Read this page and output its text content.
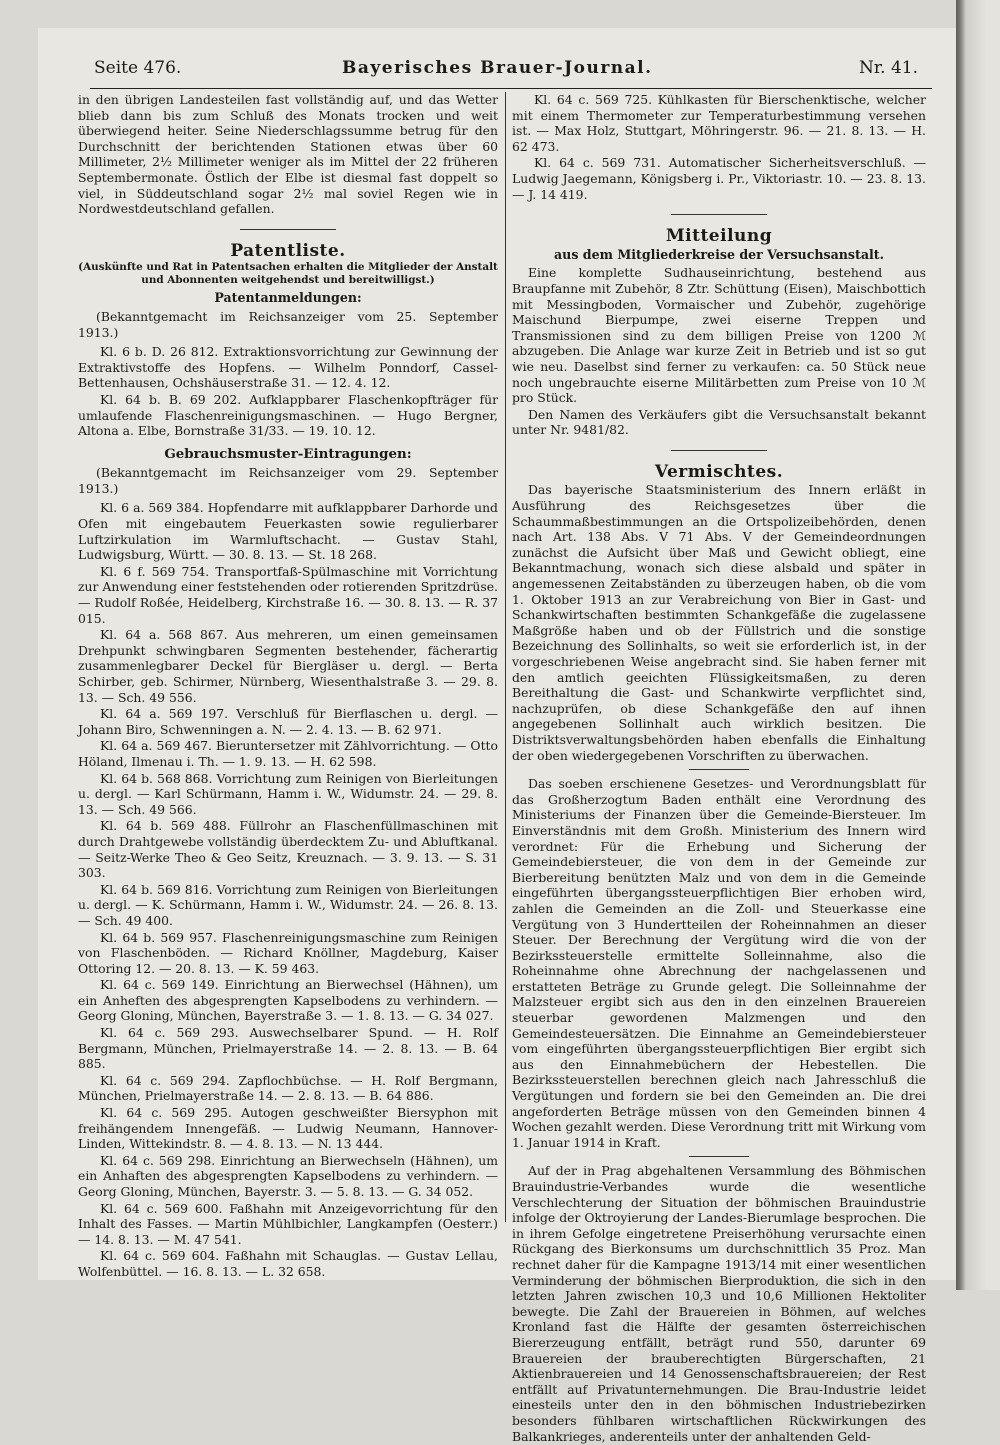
Seite 476.	Bayerisches Brauer-Journal.	Nr. 41.

in den übrigen Landesteilen fast vollständig auf, und das Wetter blieb dann bis zum Schluß des Monats trocken und weit überwiegend heiter. Seine Niederschlagssumme betrug für den Durchschnitt der berichtenden Stationen etwas über 60 Millimeter, 2½ Millimeter weniger als im Mittel der 22 früheren Septembermonate. Östlich der Elbe ist diesmal fast doppelt so viel, in Süddeutschland sogar 2½ mal soviel Regen wie in Nordwestdeutschland gefallen.

Patentliste.
(Auskünfte und Rat in Patentsachen erhalten die Mitglieder der Anstalt und Abonnenten weitgehendst und bereitwilligst.)
Patentanmeldungen:

(Bekanntgemacht im Reichsanzeiger vom 25. September 1913.)

Kl. 6 b. D. 26 812. Extraktionsvorrichtung zur Gewinnung der Extraktivstoffe des Hopfens. — Wilhelm Ponndorf, Cassel-Bettenhausen, Ochshäuserstraße 31. — 12. 4. 12.

Kl. 64 b. B. 69 202. Aufklappbarer Flaschenkopfträger für umlaufende Flaschenreinigungsmaschinen. — Hugo Bergner, Altona a. Elbe, Bornstraße 31/33. — 19. 10. 12.

Gebrauchsmuster-Eintragungen:

(Bekanntgemacht im Reichsanzeiger vom 29. September 1913.)

Kl. 6 a. 569 384. Hopfendarre mit aufklappbarer Darhorde und Ofen mit eingebautem Feuerkasten sowie regulierbarer Luftzirkulation im Warmluftschacht. — Gustav Stahl, Ludwigsburg, Württ. — 30. 8. 13. — St. 18 268.

Kl. 6 f. 569 754. Transportfaß-Spülmaschine mit Vorrichtung zur Anwendung einer feststehenden oder rotierenden Spritzdrüse. — Rudolf Roßée, Heidelberg, Kirchstraße 16. — 30. 8. 13. — R. 37 015.

Kl. 64 a. 568 867. Aus mehreren, um einen gemeinsamen Drehpunkt schwingbaren Segmenten bestehender, fächerartig zusammenlegbarer Deckel für Biergläser u. dergl. — Berta Schirber, geb. Schirmer, Nürnberg, Wiesenthalstraße 3. — 29. 8. 13. — Sch. 49 556.

Kl. 64 a. 569 197. Verschluß für Bierflaschen u. dergl. — Johann Biro, Schwenningen a. N. — 2. 4. 13. — B. 62 971.

Kl. 64 a. 569 467. Bieruntersetzer mit Zählvorrichtung. — Otto Höland, Ilmenau i. Th. — 1. 9. 13. — H. 62 598.

Kl. 64 b. 568 868. Vorrichtung zum Reinigen von Bierleitungen u. dergl. — Karl Schürmann, Hamm i. W., Widumstr. 24. — 29. 8. 13. — Sch. 49 566.

Kl. 64 b. 569 488. Füllrohr an Flaschenfüllmaschinen mit durch Drahtgewebe vollständig überdecktem Zu- und Abluftkanal. — Seitz-Werke Theo & Geo Seitz, Kreuznach. — 3. 9. 13. — S. 31 303.

Kl. 64 b. 569 816. Vorrichtung zum Reinigen von Bierleitungen u. dergl. — K. Schürmann, Hamm i. W., Widumstr. 24. — 26. 8. 13. — Sch. 49 400.

Kl. 64 b. 569 957. Flaschenreinigungsmaschine zum Reinigen von Flaschenböden. — Richard Knöllner, Magdeburg, Kaiser Ottoring 12. — 20. 8. 13. — K. 59 463.

Kl. 64 c. 569 149. Einrichtung an Bierwechsel (Hähnen), um ein Anheften des abgesprengten Kapselbodens zu verhindern. — Georg Gloning, München, Bayerstraße 3. — 1. 8. 13. — G. 34 027.

Kl. 64 c. 569 293. Auswechselbarer Spund. — H. Rolf Bergmann, München, Prielmayerstraße 14. — 2. 8. 13. — B. 64 885.

Kl. 64 c. 569 294. Zapflochbüchse. — H. Rolf Bergmann, München, Prielmayerstraße 14. — 2. 8. 13. — B. 64 886.

Kl. 64 c. 569 295. Autogen geschweißter Biersyphon mit freihängendem Innengefäß. — Ludwig Neumann, Hannover-Linden, Wittekindstr. 8. — 4. 8. 13. — N. 13 444.

Kl. 64 c. 569 298. Einrichtung an Bierwechseln (Hähnen), um ein Anhaften des abgesprengten Kapselbodens zu verhindern. — Georg Gloning, München, Bayerstr. 3. — 5. 8. 13. — G. 34 052.

Kl. 64 c. 569 600. Faßhahn mit Anzeigevorrichtung für den Inhalt des Fasses. — Martin Mühlbichler, Langkampfen (Oesterr.) — 14. 8. 13. — M. 47 541.

Kl. 64 c. 569 604. Faßhahn mit Schauglas. — Gustav Lellau, Wolfenbüttel. — 16. 8. 13. — L. 32 658.

Kl. 64 c. 569 725. Kühlkasten für Bierschenktische, welcher mit einem Thermometer zur Temperaturbestimmung versehen ist. — Max Holz, Stuttgart, Möhringerstr. 96. — 21. 8. 13. — H. 62 473.

Kl. 64 c. 569 731. Automatischer Sicherheitsverschluß. — Ludwig Jaegemann, Königsberg i. Pr., Viktoriastr. 10. — 23. 8. 13. — J. 14 419.

Mitteilung
aus dem Mitgliederkreise der Versuchsanstalt.

Eine komplette Sudhauseinrichtung, bestehend aus Braupfanne mit Zubehör, 8 Ztr. Schüttung (Eisen), Maischbottich mit Messingboden, Vormaischer und Zubehör, zugehörige Maischund Bierpumpe, zwei eiserne Treppen und Transmissionen sind zu dem billigen Preise von 1200 ℳ abzugeben. Die Anlage war kurze Zeit in Betrieb und ist so gut wie neu. Daselbst sind ferner zu verkaufen: ca. 50 Stück neue noch ungebrauchte eiserne Militärbetten zum Preise von 10 ℳ pro Stück.

Den Namen des Verkäufers gibt die Versuchsanstalt bekannt unter Nr. 9481/82.

Vermischtes.

Das bayerische Staatsministerium des Innern erläßt in Ausführung des Reichsgesetzes über die Schaummaßbestimmungen an die Ortspolizeibehörden, denen nach Art. 138 Abs. V 71 Abs. V der Gemeindeordnungen zunächst die Aufsicht über Maß und Gewicht obliegt, eine Bekanntmachung, wonach sich diese alsbald und später in angemessenen Zeitabständen zu überzeugen haben, ob die vom 1. Oktober 1913 an zur Verabreichung von Bier in Gast- und Schankwirtschaften bestimmten Schankgefäße die zugelassene Maßgröße haben und ob der Füllstrich und die sonstige Bezeichnung des Sollinhalts, so weit sie erforderlich ist, in der vorgeschriebenen Weise angebracht sind. Sie haben ferner mit den amtlich geeichten Flüssigkeitsmaßen, zu deren Bereithaltung die Gast- und Schankwirte verpflichtet sind, nachzuprüfen, ob diese Schankgefäße den auf ihnen angegebenen Sollinhalt auch wirklich besitzen. Die Distriktsverwaltungsbehörden haben ebenfalls die Einhaltung der oben wiedergegebenen Vorschriften zu überwachen.

Das soeben erschienene Gesetzes- und Verordnungsblatt für das Großherzogtum Baden enthält eine Verordnung des Ministeriums der Finanzen über die Gemeinde-Biersteuer. Im Einverständnis mit dem Großh. Ministerium des Innern wird verordnet: Für die Erhebung und Sicherung der Gemeindebiersteuer, die von dem in der Gemeinde zur Bierbereitung benützten Malz und von dem in die Gemeinde eingeführten übergangssteuerpflichtigen Bier erhoben wird, zahlen die Gemeinden an die Zoll- und Steuerkasse eine Vergütung von 3 Hundertteilen der Roheinnahmen an dieser Steuer. Der Berechnung der Vergütung wird die von der Bezirkssteuerstelle ermittelte Solleinnahme, also die Roheinnahme ohne Abrechnung der nachgelassenen und erstatteten Beträge zu Grunde gelegt. Die Solleinnahme der Malzsteuer ergibt sich aus den in den einzelnen Brauereien steuerbar gewordenen Malzmengen und den Gemeindesteuersätzen. Die Einnahme an Gemeindebiersteuer vom eingeführten übergangssteuerpflichtigen Bier ergibt sich aus den Einnahmebüchern der Hebestellen. Die Bezirkssteuerstellen berechnen gleich nach Jahresschluß die Vergütungen und fordern sie bei den Gemeinden an. Die drei angeforderten Beträge müssen von den Gemeinden binnen 4 Wochen gezahlt werden. Diese Verordnung tritt mit Wirkung vom 1. Januar 1914 in Kraft.

Auf der in Prag abgehaltenen Versammlung des Böhmischen Brauindustrie-Verbandes wurde die wesentliche Verschlechterung der Situation der böhmischen Brauindustrie infolge der Oktroyierung der Landes-Bierumlage besprochen. Die in ihrem Gefolge eingetretene Preiserhöhung verursachte einen Rückgang des Bierkonsums um durchschnittlich 35 Proz. Man rechnet daher für die Kampagne 1913/14 mit einer wesentlichen Verminderung der böhmischen Bierproduktion, die sich in den letzten Jahren zwischen 10,3 und 10,6 Millionen Hektoliter bewegte. Die Zahl der Brauereien in Böhmen, auf welches Kronland fast die Hälfte der gesamten österreichischen Biererzeugung entfällt, beträgt rund 550, darunter 69 Brauereien der brauberechtigten Bürgerschaften, 21 Aktienbrauereien und 14 Genossenschaftsbrauereien; der Rest entfällt auf Privatunternehmungen. Die Brau-Industrie leidet einesteils unter den in den böhmischen Industriebezirken besonders fühlbaren wirtschaftlichen Rückwirkungen des Balkankrieges, anderenteils unter der anhaltenden Geld-
